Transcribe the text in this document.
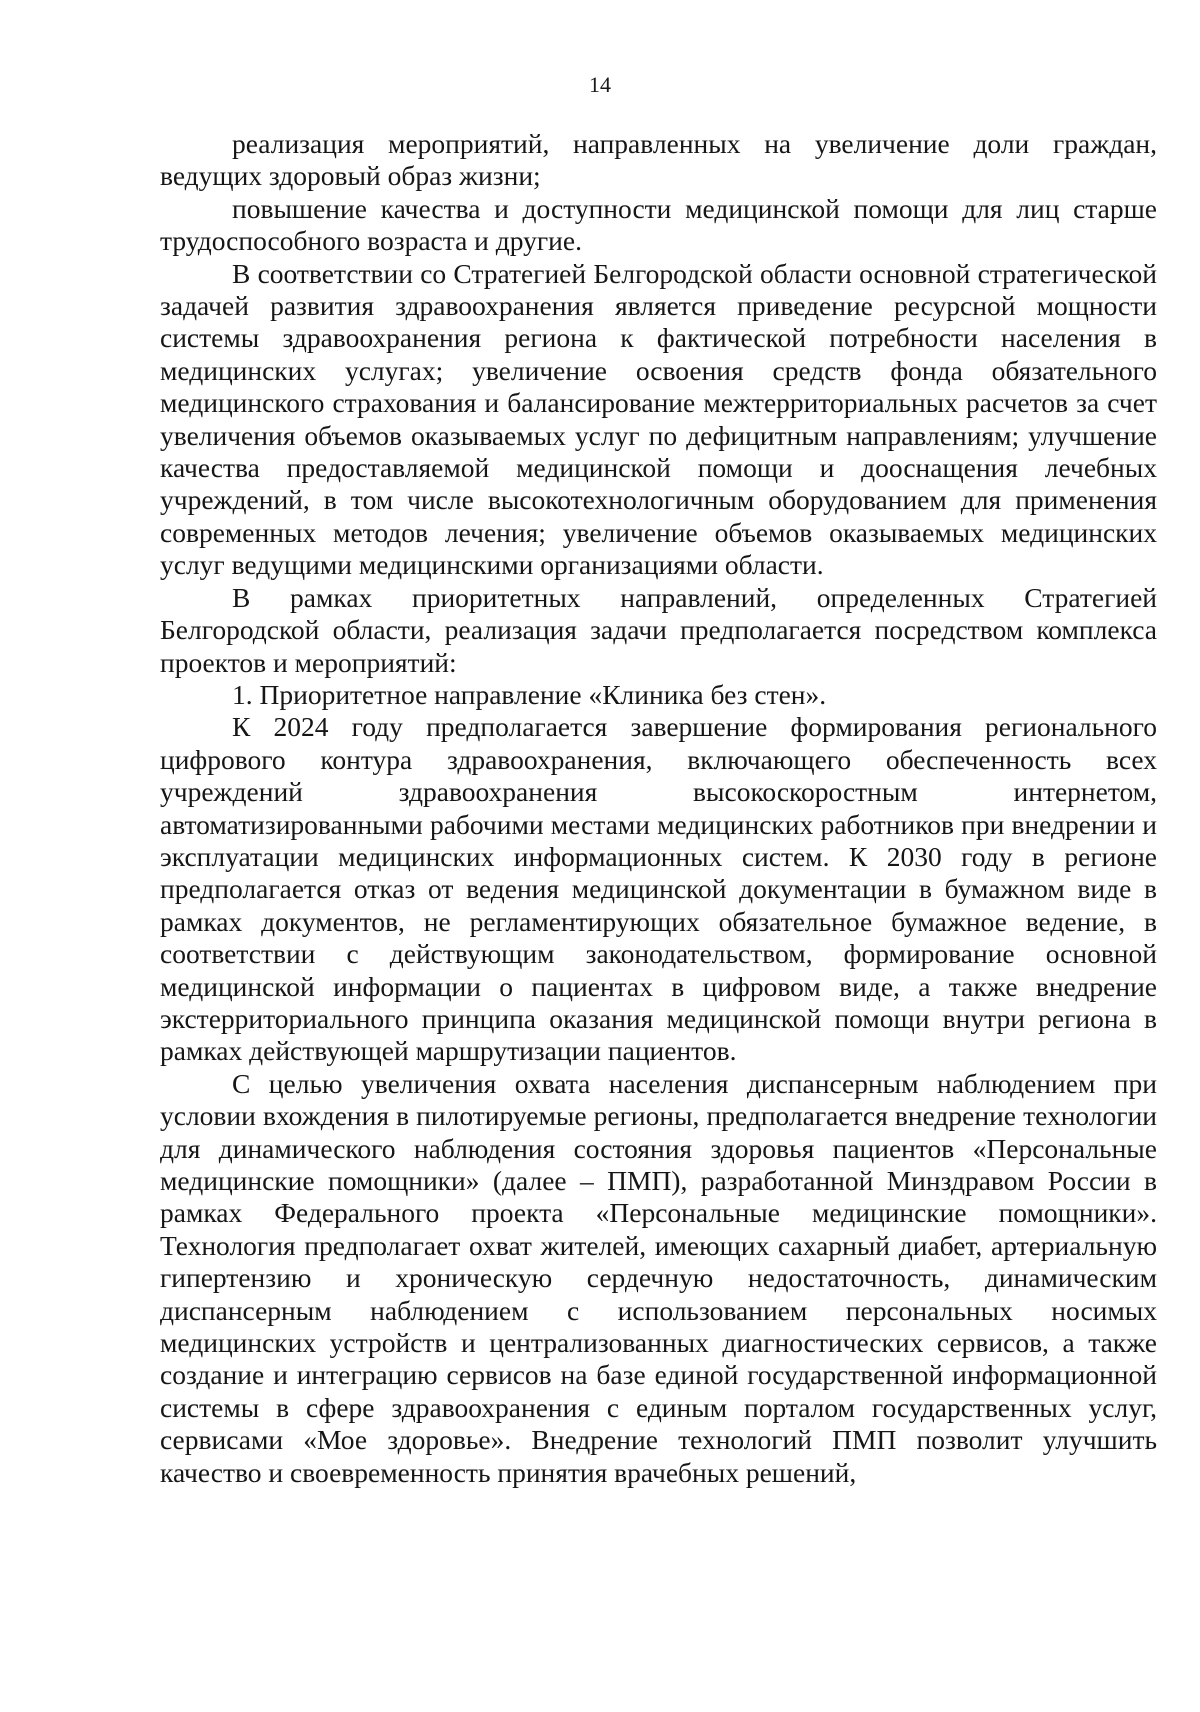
14

реализация мероприятий, направленных на увеличение доли граждан, ведущих здоровый образ жизни;

повышение качества и доступности медицинской помощи для лиц старше трудоспособного возраста и другие.

В соответствии со Стратегией Белгородской области основной стратегической задачей развития здравоохранения является приведение ресурсной мощности системы здравоохранения региона к фактической потребности населения в медицинских услугах; увеличение освоения средств фонда обязательного медицинского страхования и балансирование межтерриториальных расчетов за счет увеличения объемов оказываемых услуг по дефицитным направлениям; улучшение качества предоставляемой медицинской помощи и дооснащения лечебных учреждений, в том числе высокотехнологичным оборудованием для применения современных методов лечения; увеличение объемов оказываемых медицинских услуг ведущими медицинскими организациями области.

В рамках приоритетных направлений, определенных Стратегией Белгородской области, реализация задачи предполагается посредством комплекса проектов и мероприятий:

1. Приоритетное направление «Клиника без стен».

К 2024 году предполагается завершение формирования регионального цифрового контура здравоохранения, включающего обеспеченность всех учреждений здравоохранения высокоскоростным интернетом, автоматизированными рабочими местами медицинских работников при внедрении и эксплуатации медицинских информационных систем. К 2030 году в регионе предполагается отказ от ведения медицинской документации в бумажном виде в рамках документов, не регламентирующих обязательное бумажное ведение, в соответствии с действующим законодательством, формирование основной медицинской информации о пациентах в цифровом виде, а также внедрение экстерриториального принципа оказания медицинской помощи внутри региона в рамках действующей маршрутизации пациентов.

С целью увеличения охвата населения диспансерным наблюдением при условии вхождения в пилотируемые регионы, предполагается внедрение технологии для динамического наблюдения состояния здоровья пациентов «Персональные медицинские помощники» (далее – ПМП), разработанной Минздравом России в рамках Федерального проекта «Персональные медицинские помощники». Технология предполагает охват жителей, имеющих сахарный диабет, артериальную гипертензию и хроническую сердечную недостаточность, динамическим диспансерным наблюдением с использованием персональных носимых медицинских устройств и централизованных диагностических сервисов, а также создание и интеграцию сервисов на базе единой государственной информационной системы в сфере здравоохранения с единым порталом государственных услуг, сервисами «Мое здоровье». Внедрение технологий ПМП позволит улучшить качество и своевременность принятия врачебных решений,
